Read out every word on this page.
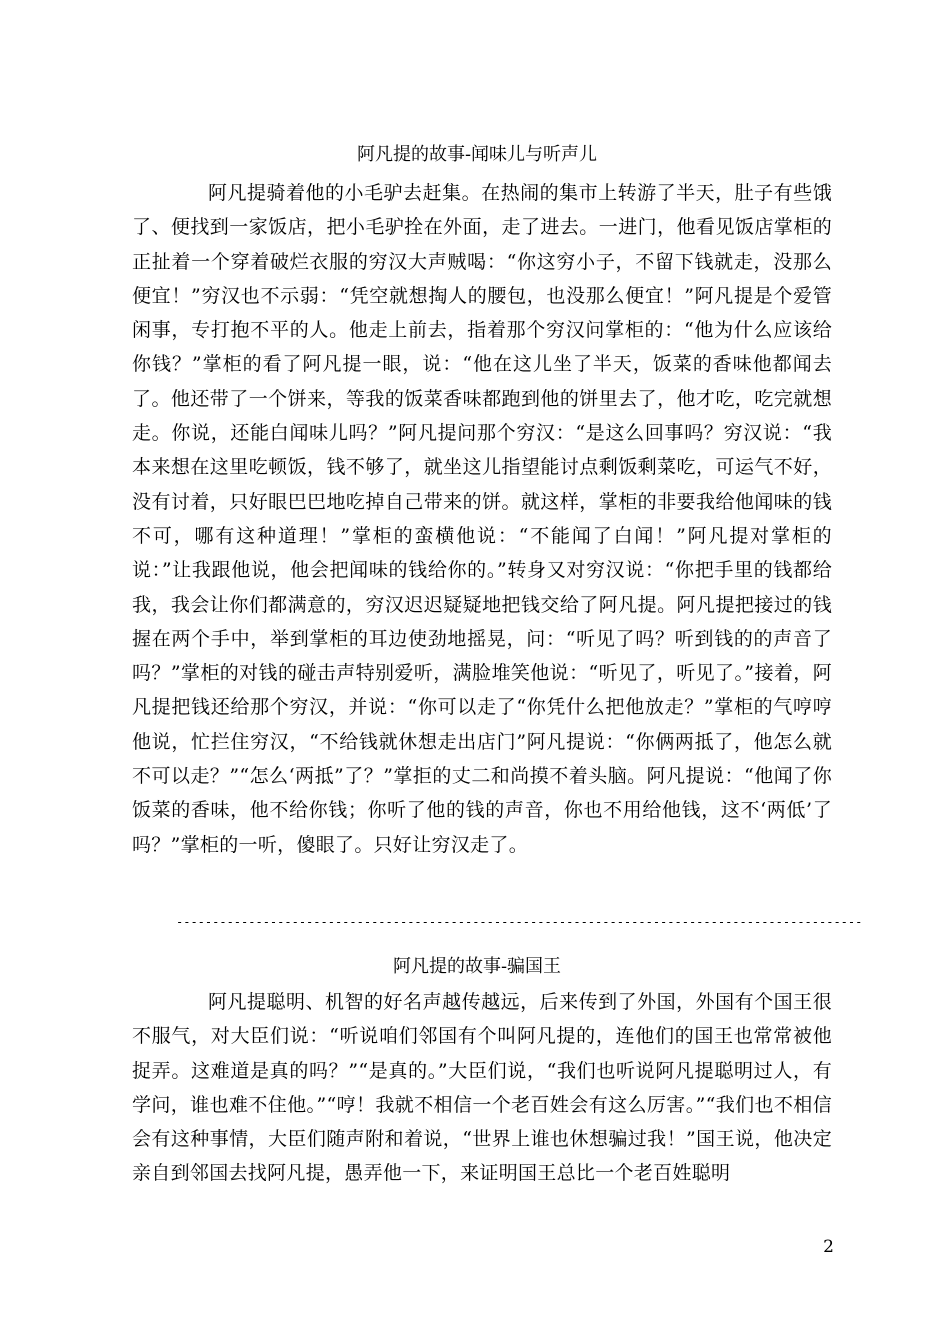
阿凡提的故事-闻味儿与听声儿

阿凡提骑着他的小毛驴去赶集。在热闹的集市上转游了半天，肚子有些饿了、便找到一家饭店，把小毛驴拴在外面，走了进去。一进门，他看见饭店掌柜的正扯着一个穿着破烂衣服的穷汉大声贼喝：“你这穷小子，不留下钱就走，没那么便宜！”穷汉也不示弱：“凭空就想掏人的腰包，也没那么便宜！”阿凡提是个爱管闲事，专打抱不平的人。他走上前去，指着那个穷汉问掌柜的：“他为什么应该给你钱？”掌柜的看了阿凡提一眼，说：“他在这儿坐了半天，饭菜的香味他都闻去了。他还带了一个饼来，等我的饭菜香味都跑到他的饼里去了，他才吃，吃完就想走。你说，还能白闻味儿吗？”阿凡提问那个穷汉：“是这么回事吗？穷汉说：“我本来想在这里吃顿饭，钱不够了，就坐这儿指望能讨点剩饭剩菜吃，可运气不好，没有讨着，只好眼巴巴地吃掉自己带来的饼。就这样，掌柜的非要我给他闻味的钱不可，哪有这种道理！”掌柜的蛮横他说：“不能闻了白闻！”阿凡提对掌柜的说：”让我跟他说，他会把闻味的钱给你的。”转身又对穷汉说：“你把手里的钱都给我，我会让你们都满意的，穷汉迟迟疑疑地把钱交给了阿凡提。阿凡提把接过的钱握在两个手中，举到掌柜的耳边使劲地摇晃，问：“听见了吗？听到钱的的声音了吗？”掌柜的对钱的碰击声特别爱听，满脸堆笑他说：“听见了，听见了。”接着，阿凡提把钱还给那个穷汉，并说：“你可以走了“你凭什么把他放走？”掌柜的气哼哼他说，忙拦住穷汉，“不给钱就休想走出店门”阿凡提说：“你俩两抵了，他怎么就不可以走？”“怎么‘两抵”了？”掌拒的丈二和尚摸不着头脑。阿凡提说：“他闻了你饭菜的香味，他不给你钱；你听了他的钱的声音，你也不用给他钱，这不‘两低’了吗？”掌柜的一听，傻眼了。只好让穷汉走了。

-----------------------------------------------------------------------------------------------
阿凡提的故事-骗国王

阿凡提聪明、机智的好名声越传越远，后来传到了外国，外国有个国王很不服气，对大臣们说：“听说咱们邻国有个叫阿凡提的，连他们的国王也常常被他捉弄。这难道是真的吗？”“是真的。”大臣们说，“我们也听说阿凡提聪明过人，有学问，谁也难不住他。”“哼！我就不相信一个老百姓会有这么厉害。”“我们也不相信会有这种事情，大臣们随声附和着说，“世界上谁也休想骗过我！”国王说，他决定亲自到邻国去找阿凡提，愚弄他一下，来证明国王总比一个老百姓聪明

2
